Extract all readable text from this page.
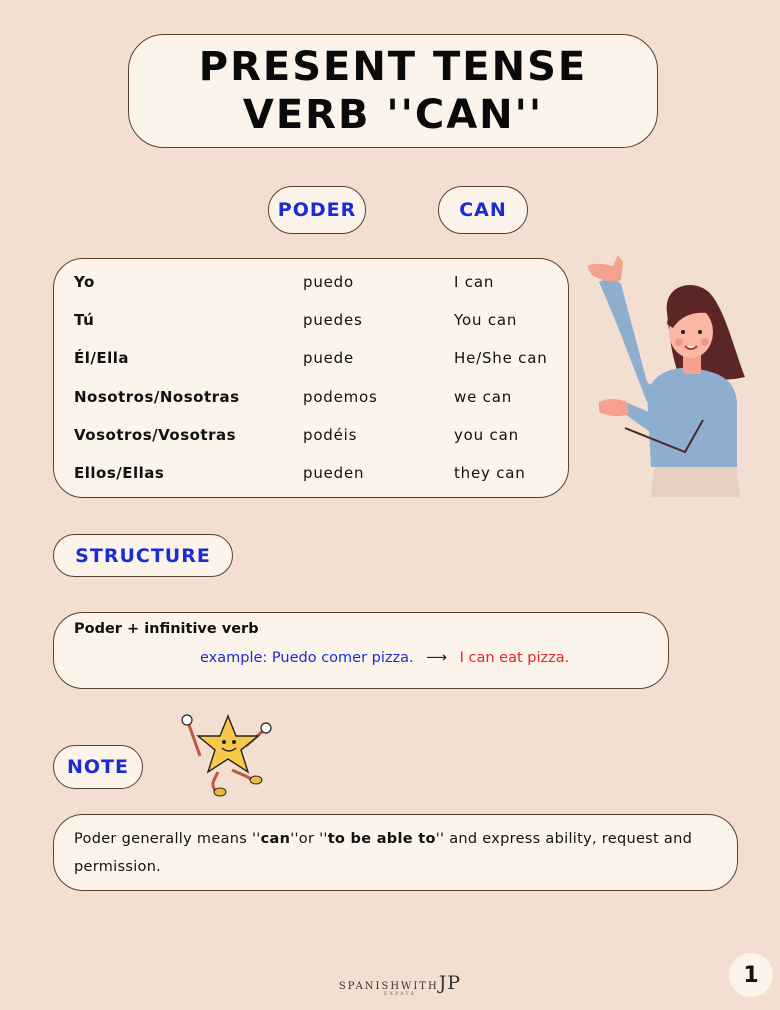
PRESENT TENSE
VERB ''CAN''
PODER	CAN
Yo	puedo	I can
Tú	puedes	You can
Él/Ella	puede	He/She can
Nosotros/Nosotras	podemos	we can
Vosotros/Vosotras	podéis	you can
Ellos/Ellas	pueden	they can
STRUCTURE
Poder + infinitive verb
example: Puedo comer pizza. ⟶ I can eat pizza.
NOTE
Poder generally means ''can''or ''to be able to'' and express ability, request and permission.
SPANISHWITHJP
EXPATS
1
